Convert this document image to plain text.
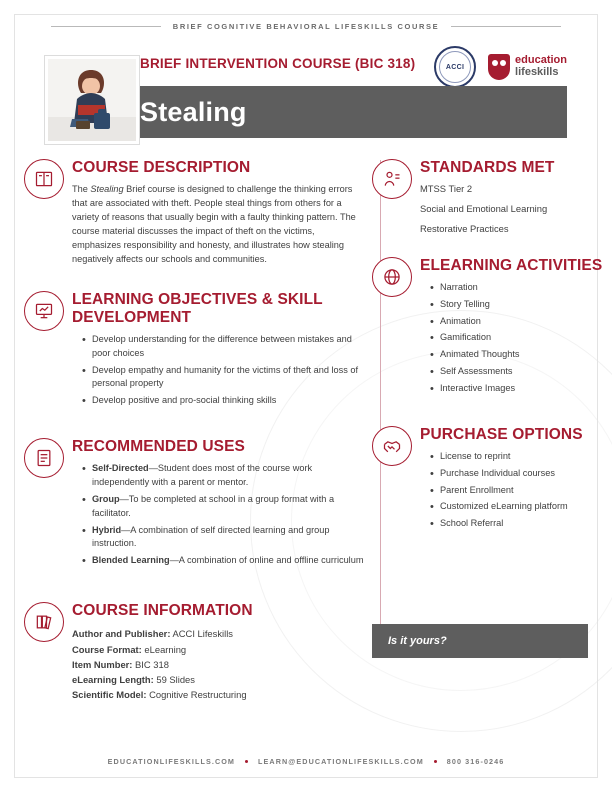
BRIEF COGNITIVE BEHAVIORAL LIFESKILLS COURSE
BRIEF INTERVENTION COURSE (BIC 318)	ACCI
education
lifeskills
Stealing
COURSE DESCRIPTION

The Stealing Brief course is designed to challenge the thinking errors that are associated with theft. People steal things from others for a variety of reasons that usually begin with a faulty thinking pattern. The course material discusses the impact of theft on the victims, emphasizes responsibility and honesty, and illustrates how stealing negatively affects our schools and communities.

LEARNING OBJECTIVES & SKILL DEVELOPMENT
• Develop understanding for the difference between mistakes and poor choices
• Develop empathy and humanity for the victims of theft and loss of personal property
• Develop positive and pro-social thinking skills
RECOMMENDED USES
• Self-Directed—Student does most of the course work independently with a parent or mentor.
• Group—To be completed at school in a group format with a facilitator.
• Hybrid—A combination of self directed learning and group instruction.
• Blended Learning—A combination of online and offline curriculum
COURSE INFORMATION
Author and Publisher: ACCI Lifeskills
Course Format: eLearning
Item Number: BIC 318
eLearning Length: 59 Slides
Scientific Model: Cognitive Restructuring
STANDARDS MET
MTSS Tier 2
Social and Emotional Learning
Restorative Practices
ELEARNING ACTIVITIES
• Narration
• Story Telling
• Animation
• Gamification
• Animated Thoughts
• Self Assessments
• Interactive Images
PURCHASE OPTIONS
• License to reprint
• Purchase Individual courses
• Parent Enrollment
• Customized eLearning platform
• School Referral
Is it yours?
EDUCATIONLIFESKILLS.COM	LEARN@EDUCATIONLIFESKILLS.COM	800 316-0246
